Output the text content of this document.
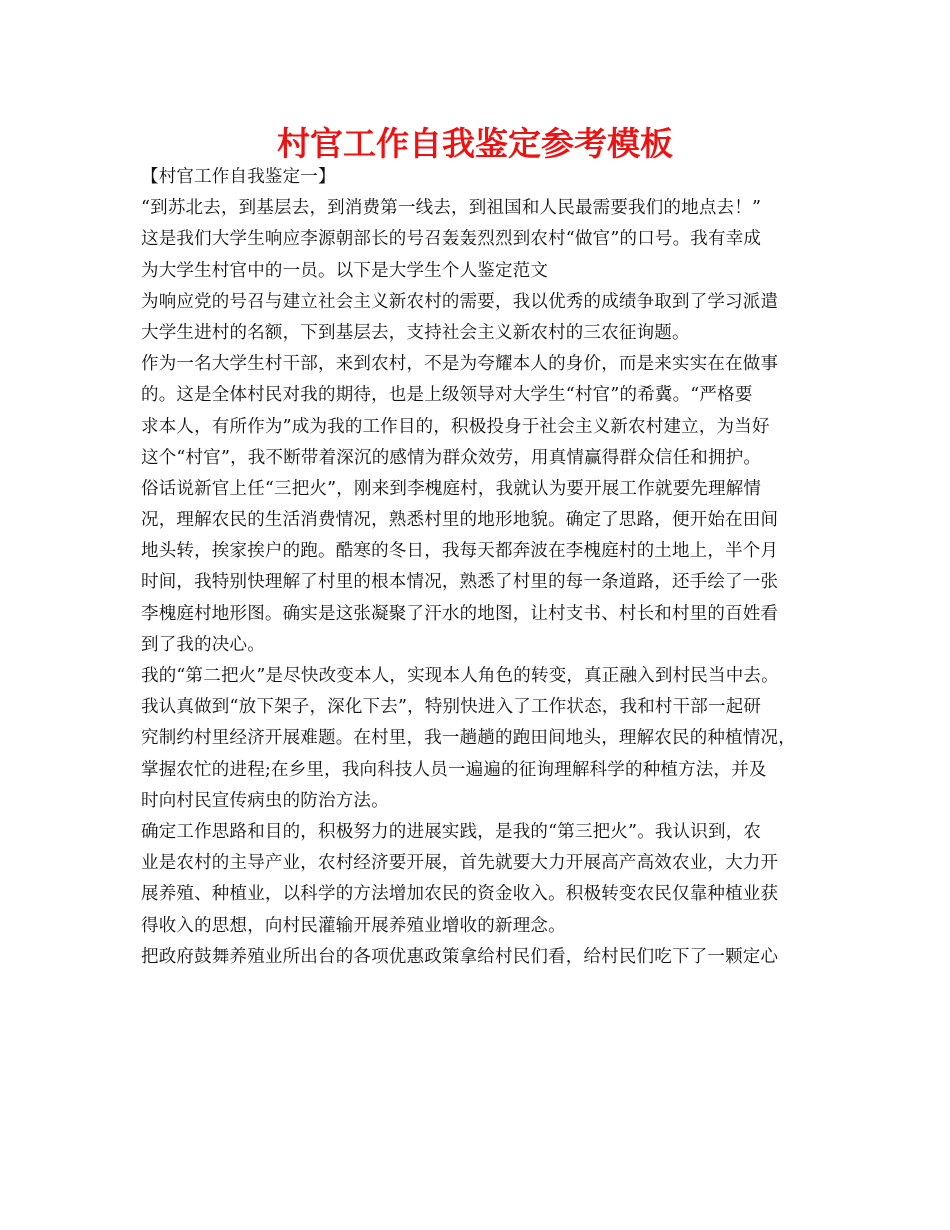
村官工作自我鉴定参考模板

【村官工作自我鉴定一】

“到苏北去，到基层去，到消费第一线去，到祖国和人民最需要我们的地点去！”

这是我们大学生响应李源朝部长的号召轰轰烈烈到农村“做官”的口号。我有幸成

为大学生村官中的一员。以下是大学生个人鉴定范文

为响应党的号召与建立社会主义新农村的需要，我以优秀的成绩争取到了学习派遣

大学生进村的名额，下到基层去，支持社会主义新农村的三农征询题。

作为一名大学生村干部，来到农村，不是为夸耀本人的身价，而是来实实在在做事

的。这是全体村民对我的期待，也是上级领导对大学生“村官”的希冀。“严格要

求本人，有所作为”成为我的工作目的，积极投身于社会主义新农村建立，为当好

这个“村官”，我不断带着深沉的感情为群众效劳，用真情赢得群众信任和拥护。

俗话说新官上任“三把火”，刚来到李槐庭村，我就认为要开展工作就要先理解情

况，理解农民的生活消费情况，熟悉村里的地形地貌。确定了思路，便开始在田间

地头转，挨家挨户的跑。酷寒的冬日，我每天都奔波在李槐庭村的土地上，半个月

时间，我特别快理解了村里的根本情况，熟悉了村里的每一条道路，还手绘了一张

李槐庭村地形图。确实是这张凝聚了汗水的地图，让村支书、村长和村里的百姓看

到了我的决心。

我的“第二把火”是尽快改变本人，实现本人角色的转变，真正融入到村民当中去。

我认真做到“放下架子，深化下去”，特别快进入了工作状态，我和村干部一起研

究制约村里经济开展难题。在村里，我一趟趟的跑田间地头，理解农民的种植情况，

掌握农忙的进程;在乡里，我向科技人员一遍遍的征询理解科学的种植方法，并及

时向村民宣传病虫的防治方法。

确定工作思路和目的，积极努力的进展实践，是我的“第三把火”。我认识到，农

业是农村的主导产业，农村经济要开展，首先就要大力开展高产高效农业，大力开

展养殖、种植业，以科学的方法增加农民的资金收入。积极转变农民仅靠种植业获

得收入的思想，向村民灌输开展养殖业增收的新理念。

把政府鼓舞养殖业所出台的各项优惠政策拿给村民们看，给村民们吃下了一颗定心
